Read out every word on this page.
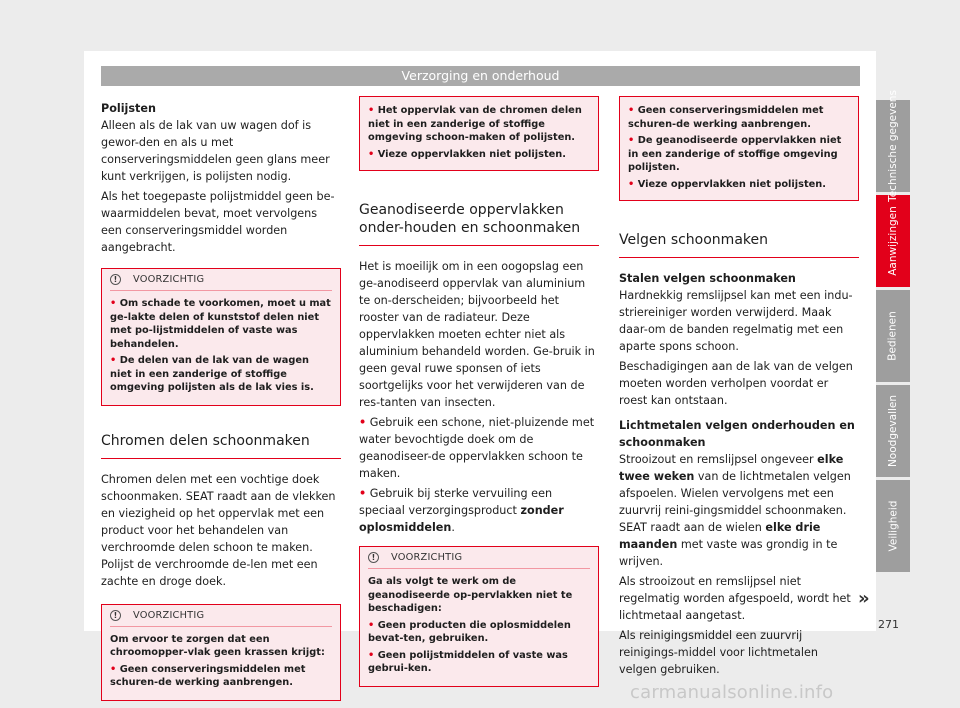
Verzorging en onderhoud
Polijsten
Alleen als de lak van uw wagen dof is gewor-den en als u met conserveringsmiddelen geen glans meer kunt verkrijgen, is polijsten nodig.
Als het toegepaste polijstmiddel geen be-waarmiddelen bevat, moet vervolgens een conserveringsmiddel worden aangebracht.
!	VOORZICHTIG
• Om schade te voorkomen, moet u mat ge-lakte delen of kunststof delen niet met po-lijstmiddelen of vaste was behandelen.
• De delen van de lak van de wagen niet in een zanderige of stoffige omgeving polijsten als de lak vies is.
Chromen delen schoonmaken
Chromen delen met een vochtige doek schoonmaken. SEAT raadt aan de vlekken en viezigheid op het oppervlak met een product voor het behandelen van verchroomde delen schoon te maken. Polijst de verchroomde de-len met een zachte en droge doek.
!	VOORZICHTIG
Om ervoor te zorgen dat een chroomopper-vlak geen krassen krijgt:
• Geen conserveringsmiddelen met schuren-de werking aanbrengen.
• Het oppervlak van de chromen delen niet in een zanderige of stoffige omgeving schoon-maken of polijsten.
• Vieze oppervlakken niet polijsten.
Geanodiseerde oppervlakken onder-houden en schoonmaken
Het is moeilijk om in een oogopslag een ge-anodiseerd oppervlak van aluminium te on-derscheiden; bijvoorbeeld het rooster van de radiateur. Deze oppervlakken moeten echter niet als aluminium behandeld worden. Ge-bruik in geen geval ruwe sponsen of iets soortgelijks voor het verwijderen van de res-tanten van insecten.
• Gebruik een schone, niet-pluizende met water bevochtigde doek om de geanodiseer-de oppervlakken schoon te maken.
• Gebruik bij sterke vervuiling een speciaal verzorgingsproduct zonder oplosmiddelen.
!	VOORZICHTIG
Ga als volgt te werk om de geanodiseerde op-pervlakken niet te beschadigen:
• Geen producten die oplosmiddelen bevat-ten, gebruiken.
• Geen polijstmiddelen of vaste was gebrui-ken.
• Geen conserveringsmiddelen met schuren-de werking aanbrengen.
• De geanodiseerde oppervlakken niet in een zanderige of stoffige omgeving polijsten.
• Vieze oppervlakken niet polijsten.
Velgen schoonmaken
Stalen velgen schoonmaken
Hardnekkig remslijpsel kan met een indu-striereiniger worden verwijderd. Maak daar-om de banden regelmatig met een aparte spons schoon.
Beschadigingen aan de lak van de velgen moeten worden verholpen voordat er roest kan ontstaan.
Lichtmetalen velgen onderhouden en schoonmaken
Strooizout en remslijpsel ongeveer elke twee weken van de lichtmetalen velgen afspoelen. Wielen vervolgens met een zuurvrij reini-gingsmiddel schoonmaken. SEAT raadt aan de wielen elke drie maanden met vaste was grondig in te wrijven.
Als strooizout en remslijpsel niet regelmatig worden afgespoeld, wordt het lichtmetaal aangetast.
Als reinigingsmiddel een zuurvrij reinigings-middel voor lichtmetalen velgen gebruiken.
»
Technische gegevens
Aanwijzingen
Bedienen
Noodgevallen
Veiligheid
271
carmanualsonline.info
